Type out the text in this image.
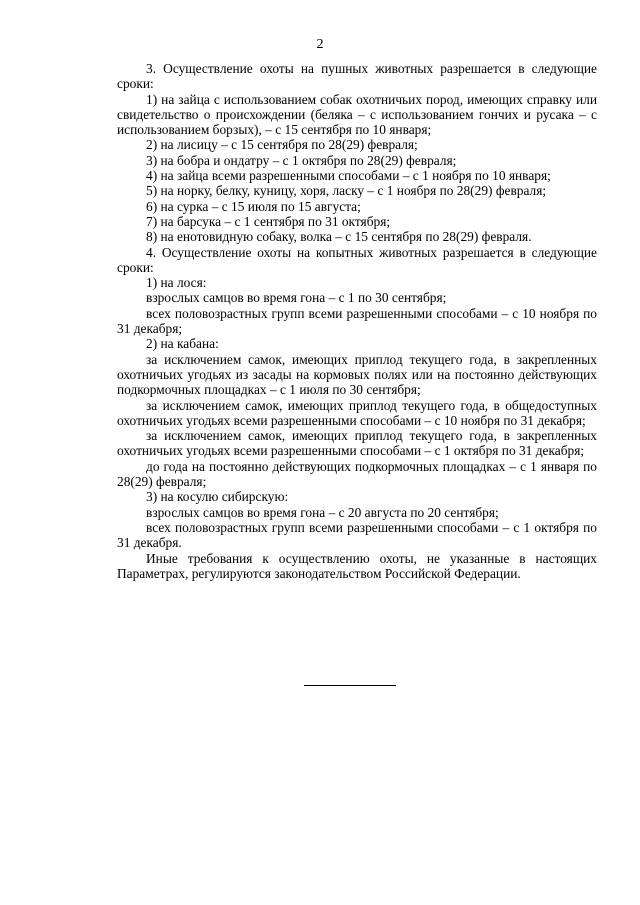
2

3. Осуществление охоты на пушных животных разрешается в следующие сроки:

1) на зайца с использованием собак охотничьих пород, имеющих справку или свидетельство о происхождении (беляка – с использованием гончих и русака – с использованием борзых), – с 15 сентября по 10 января;

2) на лисицу – с 15 сентября по 28(29) февраля;

3) на бобра и ондатру – с 1 октября по 28(29) февраля;

4) на зайца всеми разрешенными способами – с 1 ноября по 10 января;

5) на норку, белку, куницу, хоря, ласку – с 1 ноября по 28(29) февраля;

6) на сурка – с 15 июля по 15 августа;

7) на барсука – с 1 сентября по 31 октября;

8) на енотовидную собаку, волка – с 15 сентября по 28(29) февраля.

4. Осуществление охоты на копытных животных разрешается в следующие сроки:

1) на лося:

взрослых самцов во время гона – с 1 по 30 сентября;

всех половозрастных групп всеми разрешенными способами – с 10 ноября по 31 декабря;

2) на кабана:

за исключением самок, имеющих приплод текущего года, в закрепленных охотничьих угодьях из засады на кормовых полях или на постоянно действующих подкормочных площадках – с 1 июля по 30 сентября;

за исключением самок, имеющих приплод текущего года, в общедоступных охотничьих угодьях всеми разрешенными способами – с 10 ноября по 31 декабря;

за исключением самок, имеющих приплод текущего года, в закрепленных охотничьих угодьях всеми разрешенными способами – с 1 октября по 31 декабря;

до года на постоянно действующих подкормочных площадках – с 1 января по 28(29) февраля;

3) на косулю сибирскую:

взрослых самцов во время гона – с 20 августа по 20 сентября;

всех половозрастных групп всеми разрешенными способами – с 1 октября по 31 декабря.

Иные требования к осуществлению охоты, не указанные в настоящих Параметрах, регулируются законодательством Российской Федерации.
